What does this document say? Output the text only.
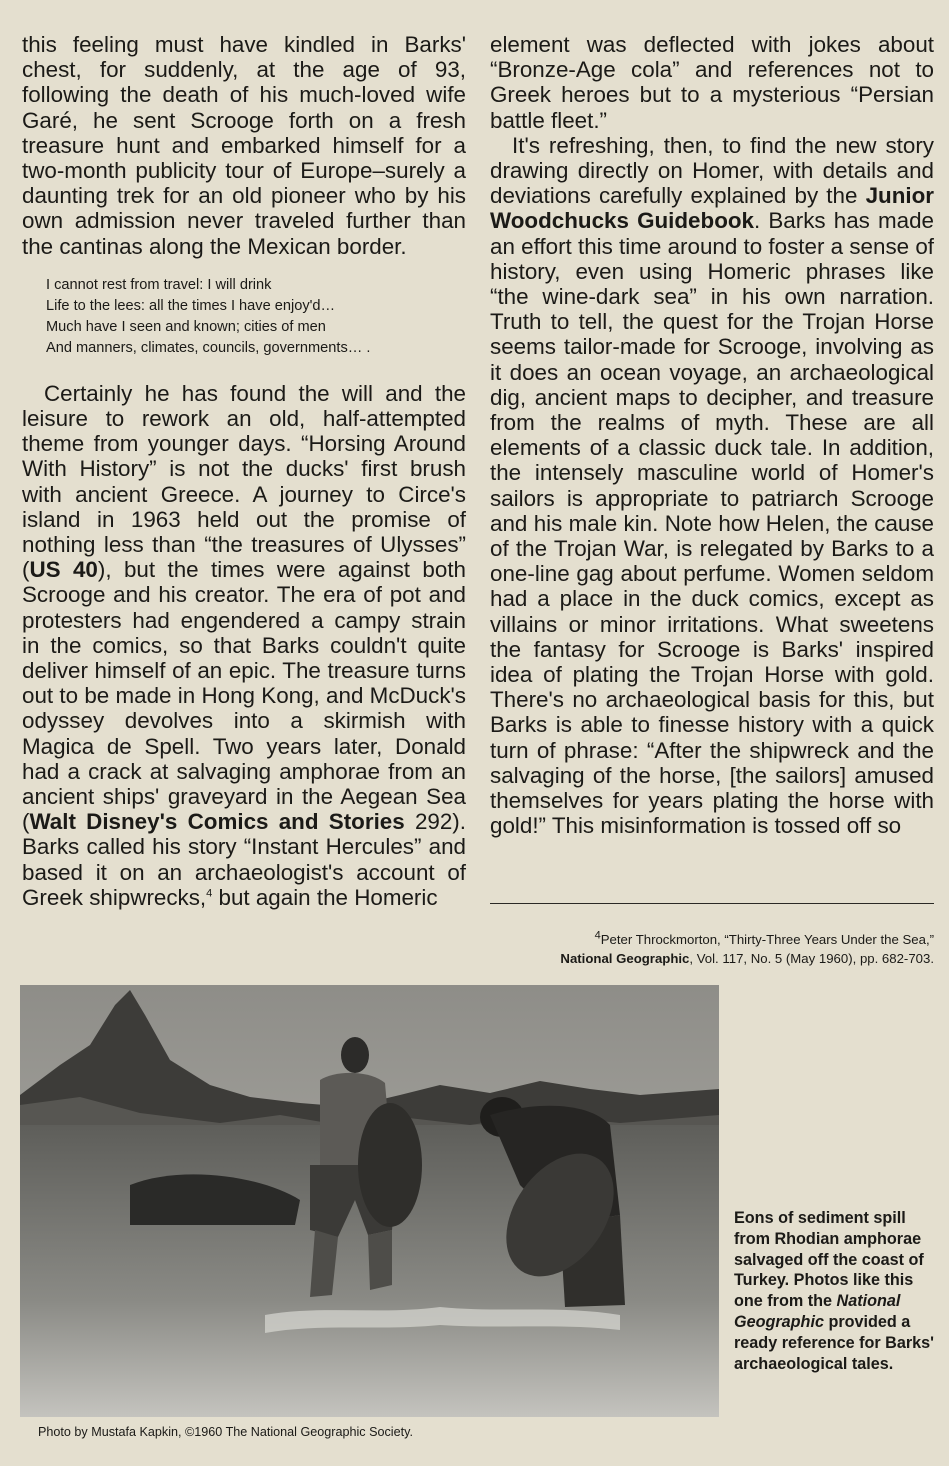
this feeling must have kindled in Barks' chest, for suddenly, at the age of 93, following the death of his much-loved wife Garé, he sent Scrooge forth on a fresh treasure hunt and embarked himself for a two-month publicity tour of Europe–surely a daunting trek for an old pioneer who by his own admission never traveled further than the cantinas along the Mexican border.

I cannot rest from travel: I will drink
Life to the lees: all the times I have enjoy'd…
Much have I seen and known; cities of men
And manners, climates, councils, governments… .

Certainly he has found the will and the leisure to rework an old, half-attempted theme from younger days. “Horsing Around With History” is not the ducks' first brush with ancient Greece. A journey to Circe's island in 1963 held out the promise of nothing less than “the treasures of Ulysses” (US 40), but the times were against both Scrooge and his creator. The era of pot and protesters had engendered a campy strain in the comics, so that Barks couldn't quite deliver himself of an epic. The treasure turns out to be made in Hong Kong, and McDuck's odyssey devolves into a skirmish with Magica de Spell. Two years later, Donald had a crack at salvaging amphorae from an ancient ships' graveyard in the Aegean Sea (Walt Disney's Comics and Stories 292). Barks called his story “Instant Hercules” and based it on an archaeologist's account of Greek shipwrecks,$^4$ but again the Homeric

element was deflected with jokes about “Bronze-Age cola” and references not to Greek heroes but to a mysterious “Persian battle fleet.”

It's refreshing, then, to find the new story drawing directly on Homer, with details and deviations carefully explained by the Junior Woodchucks Guidebook. Barks has made an effort this time around to foster a sense of history, even using Homeric phrases like “the wine-dark sea” in his own narration. Truth to tell, the quest for the Trojan Horse seems tailor-made for Scrooge, involving as it does an ocean voyage, an archaeological dig, ancient maps to decipher, and treasure from the realms of myth. These are all elements of a classic duck tale. In addition, the intensely masculine world of Homer's sailors is appropriate to patriarch Scrooge and his male kin. Note how Helen, the cause of the Trojan War, is relegated by Barks to a one-line gag about perfume. Women seldom had a place in the duck comics, except as villains or minor irritations. What sweetens the fantasy for Scrooge is Barks' inspired idea of plating the Trojan Horse with gold. There's no archaeological basis for this, but Barks is able to finesse history with a quick turn of phrase: “After the shipwreck and the salvaging of the horse, [the sailors] amused themselves for years plating the horse with gold!” This misinformation is tossed off so

$^4$Peter Throckmorton, “Thirty-Three Years Under the Sea,”
National Geographic, Vol. 117, No. 5 (May 1960), pp. 682-703.
Eons of sediment spill from Rhodian amphorae salvaged off the coast of Turkey. Photos like this one from the National Geographic provided a ready reference for Barks' archaeological tales.
Photo by Mustafa Kapkin, ©1960 The National Geographic Society.
